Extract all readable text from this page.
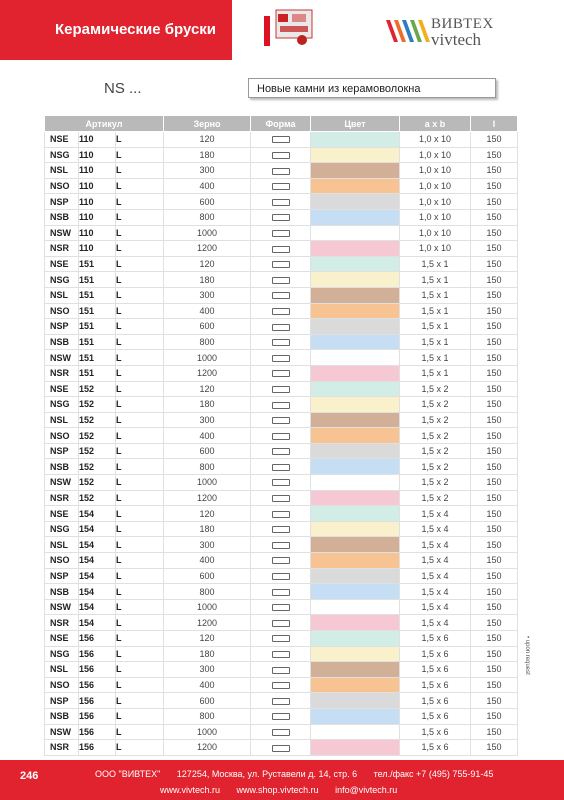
Керамические бруски	ВИВТЕХ
vivtech
NS ...	Новые камни из керамоволокна
Артикул			Зерно	Форма	Цвет	a x b	l
NSE	110	L	120			1,0 x 10	150
NSG	110	L	180			1,0 x 10	150
NSL	110	L	300			1,0 x 10	150
NSO	110	L	400			1,0 x 10	150
NSP	110	L	600			1,0 x 10	150
NSB	110	L	800			1,0 x 10	150
NSW	110	L	1000			1,0 x 10	150
NSR	110	L	1200			1,0 x 10	150
NSE	151	L	120			1,5 x 1	150
NSG	151	L	180			1,5 x 1	150
NSL	151	L	300			1,5 x 1	150
NSO	151	L	400			1,5 x 1	150
NSP	151	L	600			1,5 x 1	150
NSB	151	L	800			1,5 x 1	150
NSW	151	L	1000			1,5 x 1	150
NSR	151	L	1200			1,5 x 1	150
NSE	152	L	120			1,5 x 2	150
NSG	152	L	180			1,5 x 2	150
NSL	152	L	300			1,5 x 2	150
NSO	152	L	400			1,5 x 2	150
NSP	152	L	600			1,5 x 2	150
NSB	152	L	800			1,5 x 2	150
NSW	152	L	1000			1,5 x 2	150
NSR	152	L	1200			1,5 x 2	150
NSE	154	L	120			1,5 x 4	150
NSG	154	L	180			1,5 x 4	150
NSL	154	L	300			1,5 x 4	150
NSO	154	L	400			1,5 x 4	150
NSP	154	L	600			1,5 x 4	150
NSB	154	L	800			1,5 x 4	150
NSW	154	L	1000			1,5 x 4	150
NSR	154	L	1200			1,5 x 4	150
NSE	156	L	120			1,5 x 6	150
NSG	156	L	180			1,5 x 6	150
NSL	156	L	300			1,5 x 6	150
NSO	156	L	400			1,5 x 6	150
NSP	156	L	600			1,5 x 6	150
NSB	156	L	800			1,5 x 6	150
NSW	156	L	1000			1,5 x 6	150
NSR	156	L	1200			1,5 x 6	150
• upon request
246	ООО "ВИВТЕХ" 127254, Москва, ул. Руставели д. 14, стр. 6 тел./факс +7 (495) 755-91-45
www.vivtech.ru www.shop.vivtech.ru info@vivtech.ru
